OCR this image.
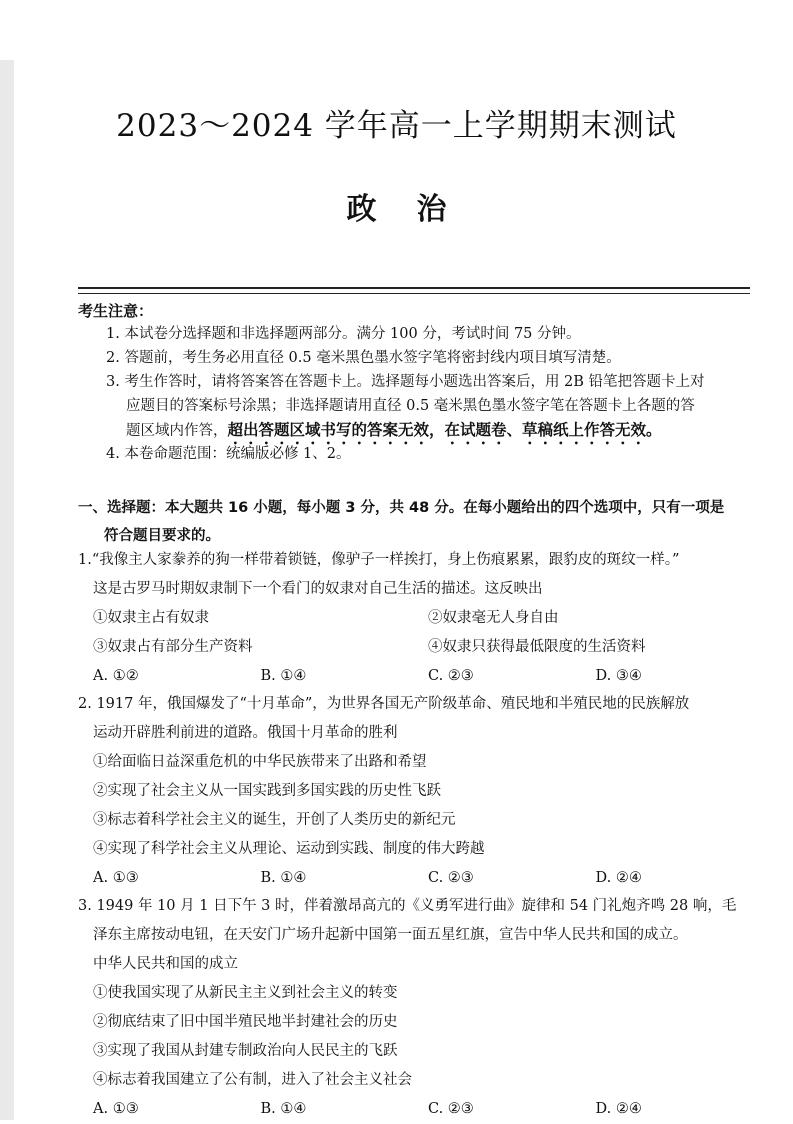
2023～2024 学年高一上学期期末测试
政治
考生注意：
1. 本试卷分选择题和非选择题两部分。满分 100 分，考试时间 75 分钟。
2. 答题前，考生务必用直径 0.5 毫米黑色墨水签字笔将密封线内项目填写清楚。
3. 考生作答时，请将答案答在答题卡上。选择题每小题选出答案后，用 2B 铅笔把答题卡上对
应题目的答案标号涂黑；非选择题请用直径 0.5 毫米黑色墨水签字笔在答题卡上各题的答
题区域内作答，超出答题区域书写的答案无效，在试题卷、草稿纸上作答无效。
4. 本卷命题范围：统编版必修 1、2。
一、选择题：本大题共 16 小题，每小题 3 分，共 48 分。在每小题给出的四个选项中，只有一项是
符合题目要求的。
1.“我像主人家豢养的狗一样带着锁链，像驴子一样挨打，身上伤痕累累，跟豹皮的斑纹一样。”
这是古罗马时期奴隶制下一个看门的奴隶对自己生活的描述。这反映出
①奴隶主占有奴隶	②奴隶毫无人身自由
③奴隶占有部分生产资料	④奴隶只获得最低限度的生活资料
A. ①②	B. ①④	C. ②③	D. ③④
2. 1917 年，俄国爆发了“十月革命”，为世界各国无产阶级革命、殖民地和半殖民地的民族解放
运动开辟胜利前进的道路。俄国十月革命的胜利
①给面临日益深重危机的中华民族带来了出路和希望
②实现了社会主义从一国实践到多国实践的历史性飞跃
③标志着科学社会主义的诞生，开创了人类历史的新纪元
④实现了科学社会主义从理论、运动到实践、制度的伟大跨越
A. ①③	B. ①④	C. ②③	D. ②④
3. 1949 年 10 月 1 日下午 3 时，伴着激昂高亢的《义勇军进行曲》旋律和 54 门礼炮齐鸣 28 响，毛
泽东主席按动电钮，在天安门广场升起新中国第一面五星红旗，宣告中华人民共和国的成立。
中华人民共和国的成立
①使我国实现了从新民主主义到社会主义的转变
②彻底结束了旧中国半殖民地半封建社会的历史
③实现了我国从封建专制政治向人民民主的飞跃
④标志着我国建立了公有制，进入了社会主义社会
A. ①③	B. ①④	C. ②③	D. ②④
